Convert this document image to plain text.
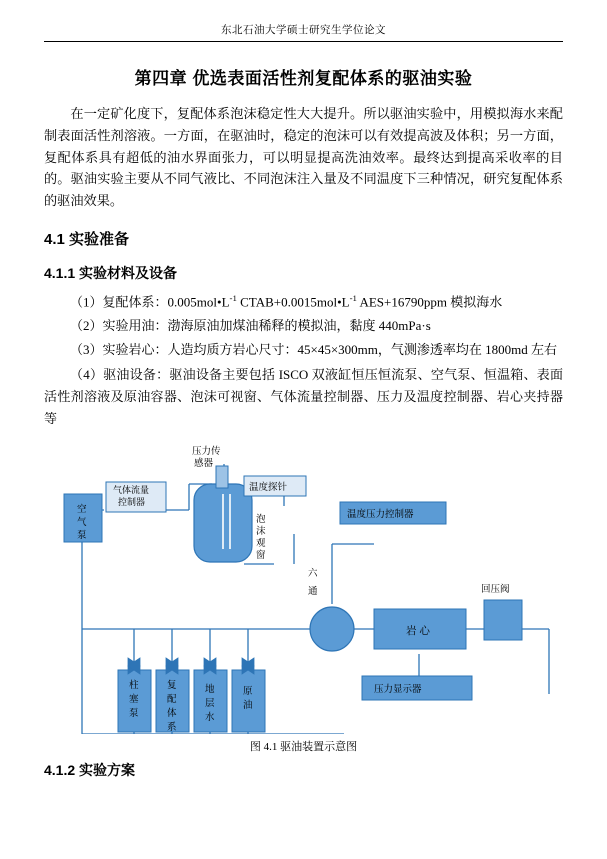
东北石油大学硕士研究生学位论文
第四章 优选表面活性剂复配体系的驱油实验

在一定矿化度下，复配体系泡沫稳定性大大提升。所以驱油实验中，用模拟海水来配制表面活性剂溶液。一方面，在驱油时，稳定的泡沫可以有效提高波及体积；另一方面，复配体系具有超低的油水界面张力，可以明显提高洗油效率。最终达到提高采收率的目的。驱油实验主要从不同气液比、不同泡沫注入量及不同温度下三种情况，研究复配体系的驱油效果。

4.1 实验准备
4.1.1 实验材料及设备

（1）复配体系：$0.005mol•L^{-1}$ $CTAB+0.0015mol•L^{-1}$ AES+16790ppm 模拟海水

（2）实验用油：渤海原油加煤油稀释的模拟油，黏度 440mPa·s

（3）实验岩心：人造均质方岩心尺寸：45×45×300mm，气测渗透率均在 1800md 左右

（4）驱油设备：驱油设备主要包括 ISCO 双液缸恒压恒流泵、空气泵、恒温箱、表面活性剂溶液及原油容器、泡沫可视窗、气体流量控制器、压力及温度控制器、岩心夹持器等

空
气
泵
气体流量
控制器
压力传
感器
温度探针
泡
沫
观
窗
温度压力控制器
六
通
岩 心
回压阀
压力显示器
柱
塞
泵
复
配
体
系
地
层
水
原
油
图 4.1 驱油装置示意图
4.1.2 实验方案
